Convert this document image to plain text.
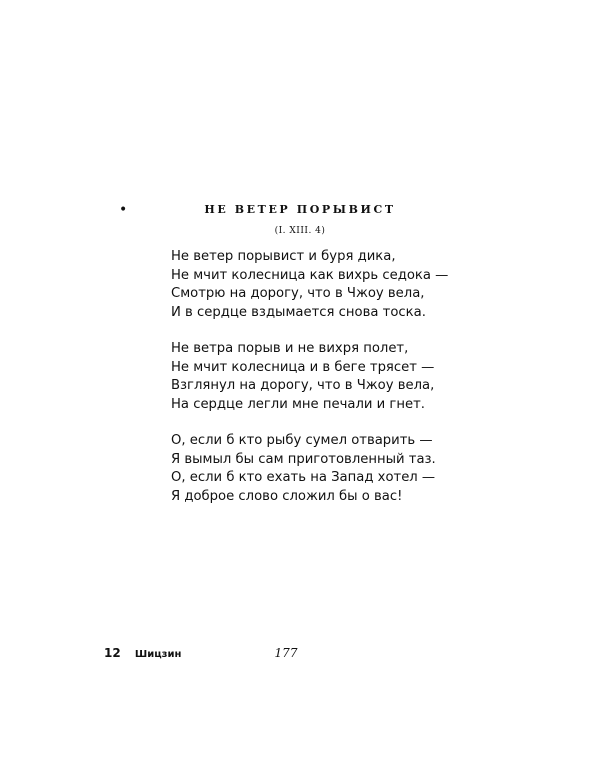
•	НЕ ВЕТЕР ПОРЫВИСТ
(I. XIII. 4)
Не ветер порывист и буря дика,
Не мчит колесница как вихрь седока —
Смотрю на дорогу, что в Чжоу вела,
И в сердце вздымается снова тоска.
Не ветра порыв и не вихря полет,
Не мчит колесница и в беге трясет —
Взглянул на дорогу, что в Чжоу вела,
На сердце легли мне печали и гнет.
О, если б кто рыбу сумел отварить —
Я вымыл бы сам приготовленный таз.
О, если б кто ехать на Запад хотел —
Я доброе слово сложил бы о вас!
12 Шицзин	177
